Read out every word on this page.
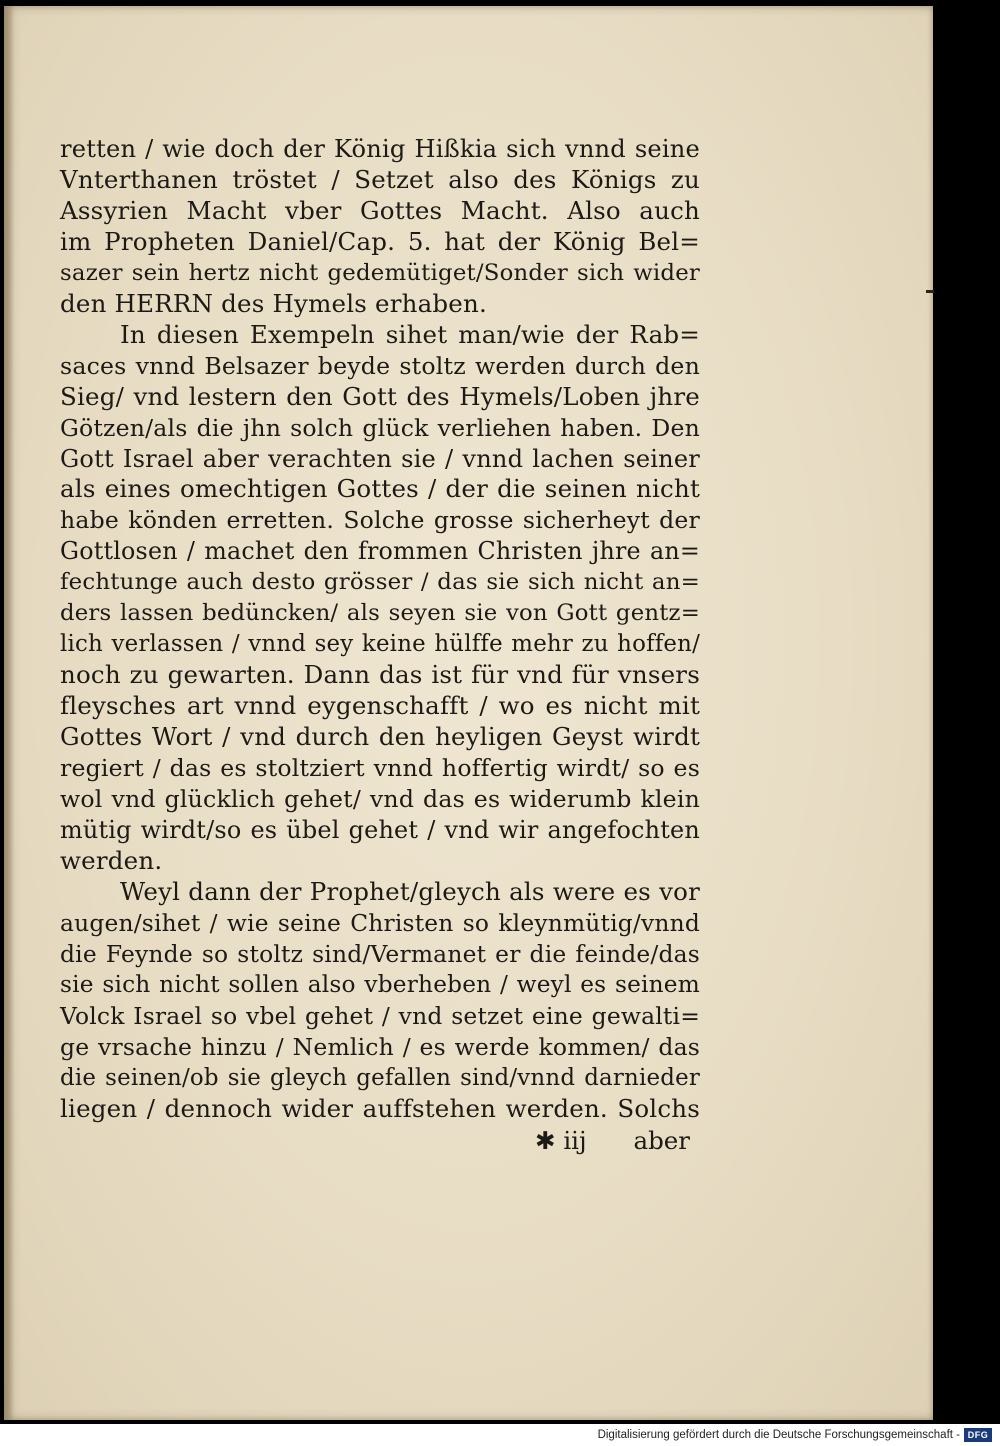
retten / wie doch der König Hißkia sich vnnd seine
Vnterthanen tröstet / Setzet also des Königs zu
Assyrien Macht vber Gottes Macht. Also auch
im Propheten Daniel/Cap. 5. hat der König Bel=
sazer sein hertz nicht gedemütiget/Sonder sich wider
den HERRN des Hymels erhaben.
In diesen Exempeln sihet man/wie der Rab=
saces vnnd Belsazer beyde stoltz werden durch den
Sieg/ vnd lestern den Gott des Hymels/Loben jhre
Götzen/als die jhn solch glück verliehen haben. Den
Gott Israel aber verachten sie / vnnd lachen seiner
als eines omechtigen Gottes / der die seinen nicht
habe könden erretten. Solche grosse sicherheyt der
Gottlosen / machet den frommen Christen jhre an=
fechtunge auch desto grösser / das sie sich nicht an=
ders lassen bedüncken/ als seyen sie von Gott gentz=
lich verlassen / vnnd sey keine hülffe mehr zu hoffen/
noch zu gewarten. Dann das ist für vnd für vnsers
fleysches art vnnd eygenschafft / wo es nicht mit
Gottes Wort / vnd durch den heyligen Geyst wirdt
regiert / das es stoltziert vnnd hoffertig wirdt/ so es
wol vnd glücklich gehet/ vnd das es widerumb klein
mütig wirdt/so es übel gehet / vnd wir angefochten
werden.
Weyl dann der Prophet/gleych als were es vor
augen/sihet / wie seine Christen so kleynmütig/vnnd
die Feynde so stoltz sind/Vermanet er die feinde/das
sie sich nicht sollen also vberheben / weyl es seinem
Volck Israel so vbel gehet / vnd setzet eine gewalti=
ge vrsache hinzu / Nemlich / es werde kommen/ das
die seinen/ob sie gleych gefallen sind/vnnd darnieder
liegen / dennoch wider auffstehen werden. Solchs
✱ iij aber
Digitalisierung gefördert durch die Deutsche Forschungsgemeinschaft - DFG
